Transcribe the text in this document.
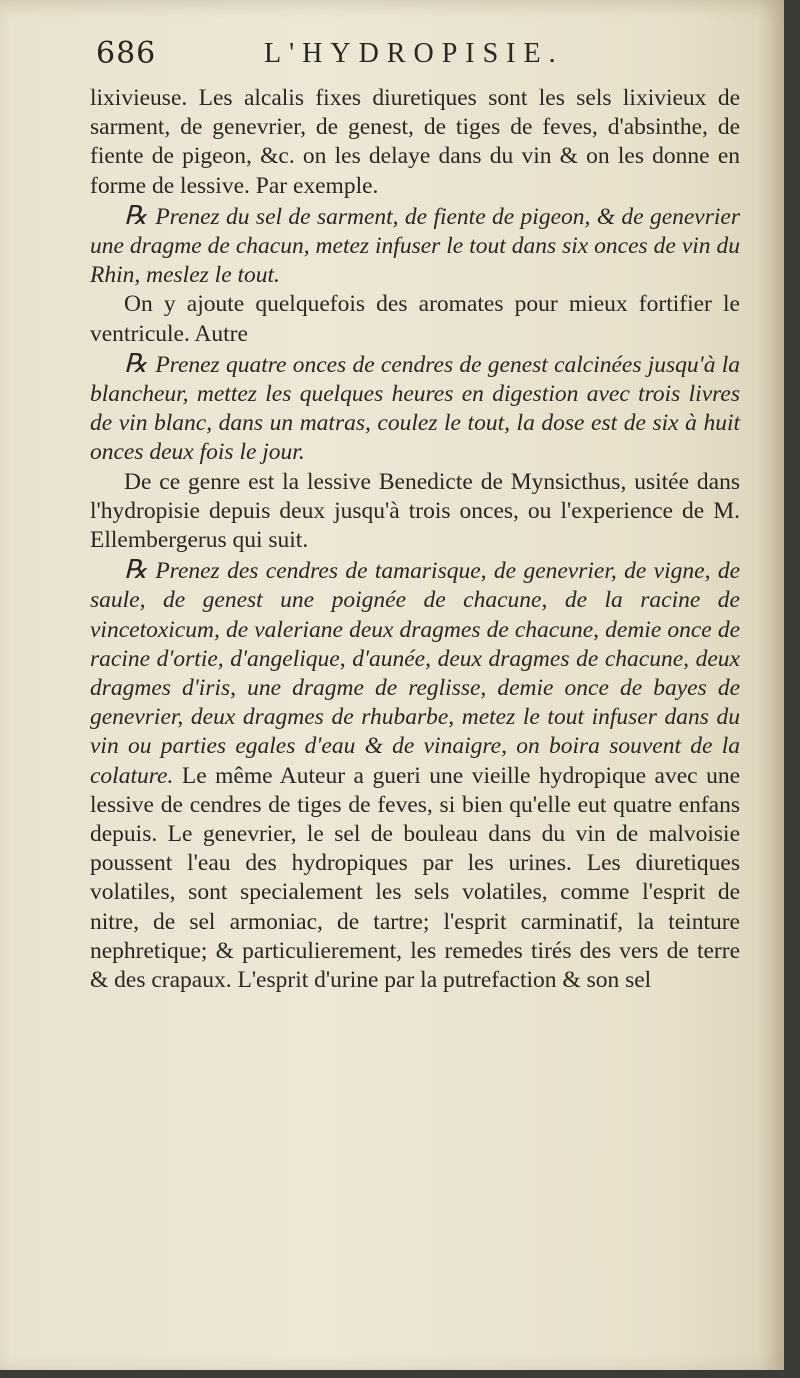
686	L'HYDROPISIE.

lixivieuse. Les alcalis fixes diuretiques sont les sels lixivieux de sarment, de genevrier, de genest, de tiges de feves, d'absinthe, de fiente de pigeon, &c. on les delaye dans du vin & on les donne en forme de lessive. Par exemple.

℞ Prenez du sel de sarment, de fiente de pigeon, & de genevrier une dragme de chacun, metez infuser le tout dans six onces de vin du Rhin, meslez le tout.

On y ajoute quelquefois des aromates pour mieux fortifier le ventricule. Autre

℞ Prenez quatre onces de cendres de genest calcinées jusqu'à la blancheur, mettez les quelques heures en digestion avec trois livres de vin blanc, dans un matras, coulez le tout, la dose est de six à huit onces deux fois le jour.

De ce genre est la lessive Benedicte de Mynsicthus, usitée dans l'hydropisie depuis deux jusqu'à trois onces, ou l'experience de M. Ellembergerus qui suit.

℞ Prenez des cendres de tamarisque, de genevrier, de vigne, de saule, de genest une poignée de chacune, de la racine de vincetoxicum, de valeriane deux dragmes de chacune, demie once de racine d'ortie, d'angelique, d'aunée, deux dragmes de chacune, deux dragmes d'iris, une dragme de reglisse, demie once de bayes de genevrier, deux dragmes de rhubarbe, metez le tout infuser dans du vin ou parties egales d'eau & de vinaigre, on boira souvent de la colature. Le même Auteur a gueri une vieille hydropique avec une lessive de cendres de tiges de feves, si bien qu'elle eut quatre enfans depuis. Le genevrier, le sel de bouleau dans du vin de malvoisie poussent l'eau des hydropiques par les urines. Les diuretiques volatiles, sont specialement les sels volatiles, comme l'esprit de nitre, de sel armoniac, de tartre; l'esprit carminatif, la teinture nephretique; & particulierement, les remedes tirés des vers de terre & des crapaux. L'esprit d'urine par la putrefaction & son sel
